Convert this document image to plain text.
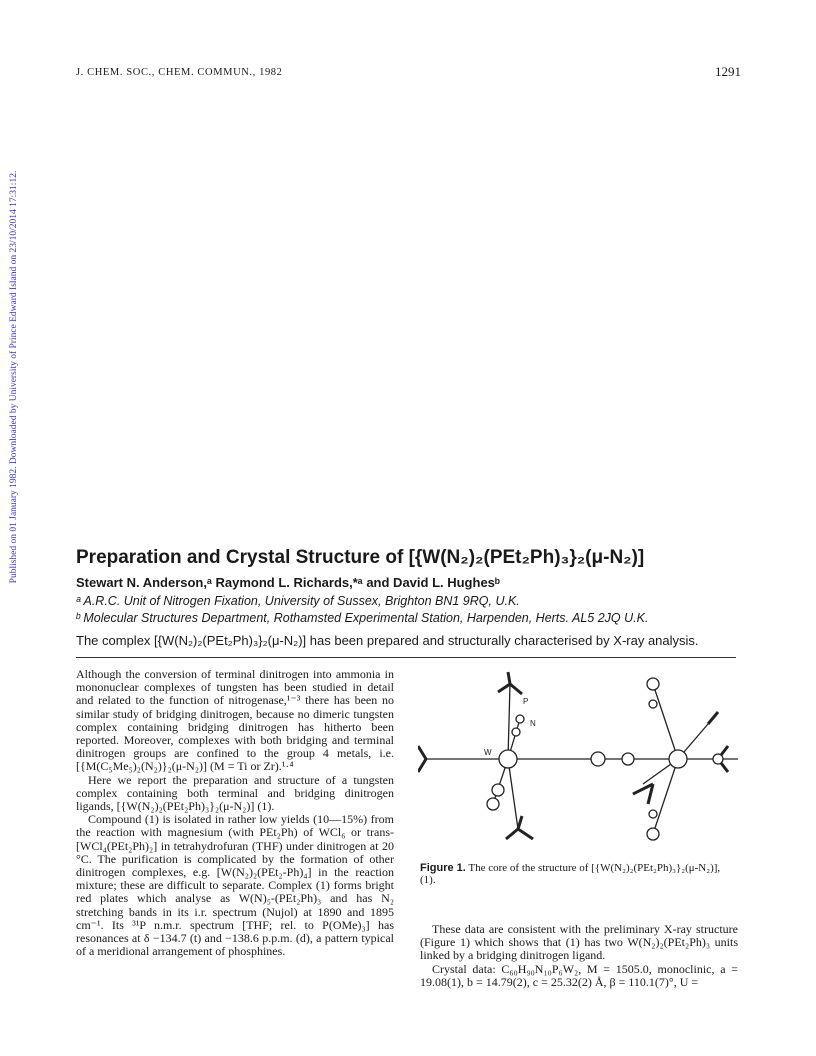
J. CHEM. SOC., CHEM. COMMUN., 1982	1291
Published on 01 January 1982. Downloaded by University of Prince Edward Island on 23/10/2014 17:31:12.	Preparation and Crystal Structure of [{W(N₂)₂(PEt₂Ph)₃}₂(μ-N₂)]
Stewart N. Anderson,ᵃ Raymond L. Richards,*ᵃ and David L. Hughesᵇ
ᵃ A.R.C. Unit of Nitrogen Fixation, University of Sussex, Brighton BN1 9RQ, U.K.
ᵇ Molecular Structures Department, Rothamsted Experimental Station, Harpenden, Herts. AL5 2JQ U.K.
The complex [{W(N₂)₂(PEt₂Ph)₃}₂(μ-N₂)] has been prepared and structurally characterised by X-ray analysis.

Although the conversion of terminal dinitrogen into ammonia in mononuclear complexes of tungsten has been studied in detail and related to the function of nitrogenase,¹⁻³ there has been no similar study of bridging dinitrogen, because no dimeric tungsten complex containing bridging dinitrogen has hitherto been reported. Moreover, complexes with both bridging and terminal dinitrogen groups are confined to the group 4 metals, i.e. [{M(C₅Me₅)₂(N₂)}₂(μ-N₂)] (M = Ti or Zr).¹·⁴

Here we report the preparation and structure of a tungsten complex containing both terminal and bridging dinitrogen ligands, [{W(N₂)₂(PEt₂Ph)₃}₂(μ-N₂)] (1).

Compound (1) is isolated in rather low yields (10—15%) from the reaction with magnesium (with PEt₂Ph) of WCl₆ or trans-[WCl₄(PEt₂Ph)₂] in tetrahydrofuran (THF) under dinitrogen at 20 °C. The purification is complicated by the formation of other dinitrogen complexes, e.g. [W(N₂)₂(PEt₂-Ph)₄] in the reaction mixture; these are difficult to separate. Complex (1) forms bright red plates which analyse as W(N)₅-(PEt₂Ph)₃ and has N₂ stretching bands in its i.r. spectrum (Nujol) at 1890 and 1895 cm⁻¹. Its ³¹P n.m.r. spectrum [THF; rel. to P(OMe)₃] has resonances at δ −134.7 (t) and −138.6 p.p.m. (d), a pattern typical of a meridional arrangement of phosphines.

P
N
W
Figure 1. The core of the structure of [{W(N₂)₂(PEt₂Ph)₃}₂(μ-N₂)], (1).

These data are consistent with the preliminary X-ray structure (Figure 1) which shows that (1) has two W(N₂)₂(PEt₂Ph)₃ units linked by a bridging dinitrogen ligand.

Crystal data: C₆₀H₉₀N₁₀P₆W₂, M = 1505.0, monoclinic, a = 19.08(1), b = 14.79(2), c = 25.32(2) Å, β = 110.1(7)°, U =
